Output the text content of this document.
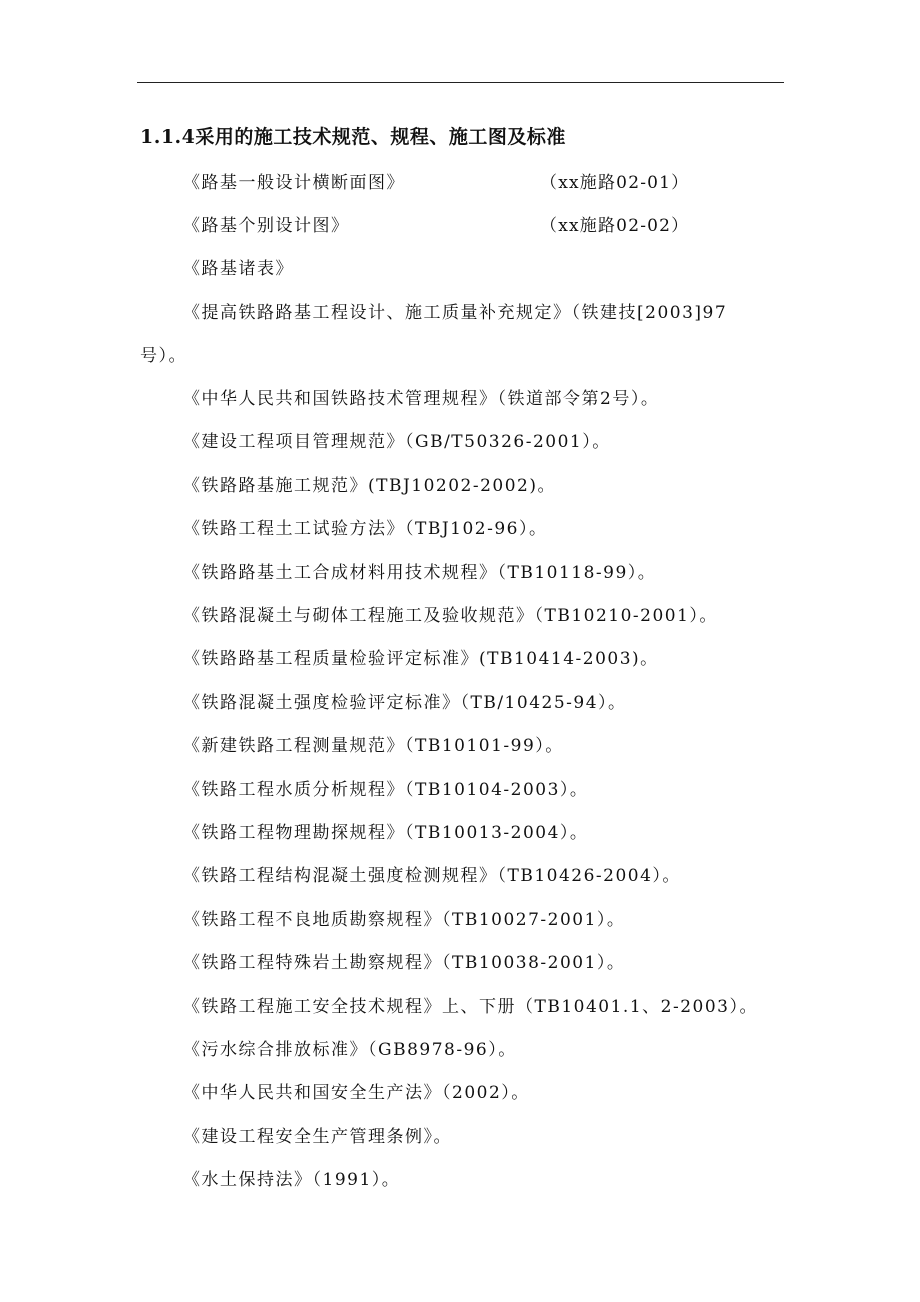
1.1.4采用的施工技术规范、规程、施工图及标准
《路基一般设计横断面图》	（xx施路02-01）
《路基个别设计图》	（xx施路02-02）
《路基诸表》
《提高铁路路基工程设计、施工质量补充规定》（铁建技[2003]97
号）。
《中华人民共和国铁路技术管理规程》（铁道部令第2号）。
《建设工程项目管理规范》（GB/T50326-2001）。
《铁路路基施工规范》(TBJ10202-2002)。
《铁路工程土工试验方法》（TBJ102-96）。
《铁路路基土工合成材料用技术规程》（TB10118-99）。
《铁路混凝土与砌体工程施工及验收规范》（TB10210-2001）。
《铁路路基工程质量检验评定标准》(TB10414-2003)。
《铁路混凝土强度检验评定标准》（TB/10425-94）。
《新建铁路工程测量规范》（TB10101-99）。
《铁路工程水质分析规程》（TB10104-2003）。
《铁路工程物理勘探规程》（TB10013-2004）。
《铁路工程结构混凝土强度检测规程》（TB10426-2004）。
《铁路工程不良地质勘察规程》（TB10027-2001）。
《铁路工程特殊岩土勘察规程》（TB10038-2001）。
《铁路工程施工安全技术规程》上、下册（TB10401.1、2-2003）。
《污水综合排放标准》（GB8978-96）。
《中华人民共和国安全生产法》（2002）。
《建设工程安全生产管理条例》。
《水土保持法》（1991）。
